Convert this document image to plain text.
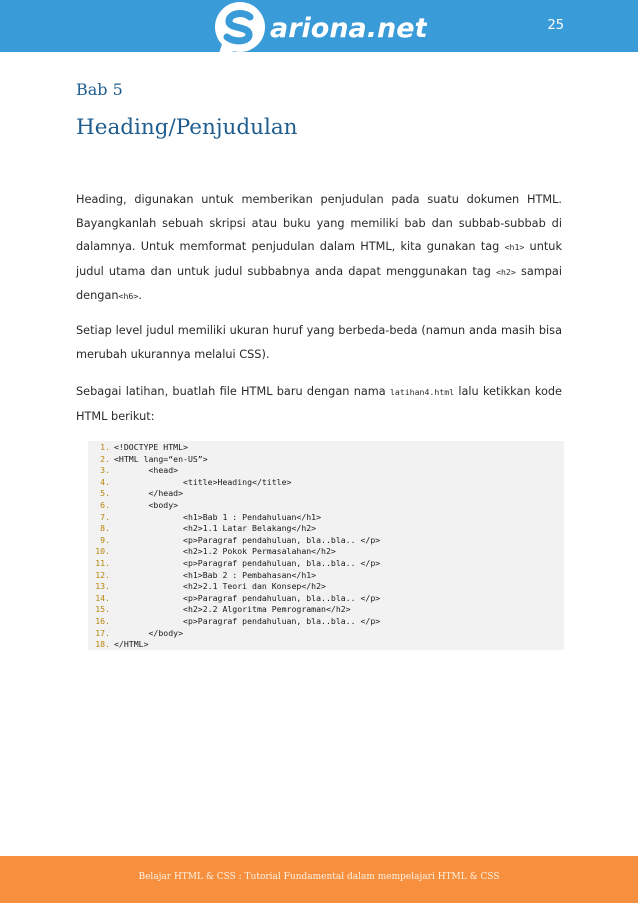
ariona.net	25
Bab 5
Heading/Penjudulan

Heading, digunakan untuk memberikan penjudulan pada suatu dokumen HTML. Bayangkanlah sebuah skripsi atau buku yang memiliki bab dan subbab-subbab di dalamnya. Untuk memformat penjudulan dalam HTML, kita gunakan tag <h1> untuk judul utama dan untuk judul subbabnya anda dapat menggunakan tag <h2> sampai dengan<h6>.

Setiap level judul memiliki ukuran huruf yang berbeda-beda (namun anda masih bisa merubah ukurannya melalui CSS).

Sebagai latihan, buatlah file HTML baru dengan nama latihan4.html lalu ketikkan kode HTML berikut:

1. <!DOCTYPE HTML>
2. <HTML lang=“en-US”>
3. <head>
4. <title>Heading</title>
5. </head>
6. <body>
7. <h1>Bab 1 : Pendahuluan</h1>
8. <h2>1.1 Latar Belakang</h2>
9. <p>Paragraf pendahuluan, bla..bla.. </p>
10. <h2>1.2 Pokok Permasalahan</h2>
11. <p>Paragraf pendahuluan, bla..bla.. </p>
12. <h1>Bab 2 : Pembahasan</h1>
13. <h2>2.1 Teori dan Konsep</h2>
14. <p>Paragraf pendahuluan, bla..bla.. </p>
15. <h2>2.2 Algoritma Pemrograman</h2>
16. <p>Paragraf pendahuluan, bla..bla.. </p>
17. </body>
18. </HTML>
Belajar HTML & CSS : Tutorial Fundamental dalam mempelajari HTML & CSS
